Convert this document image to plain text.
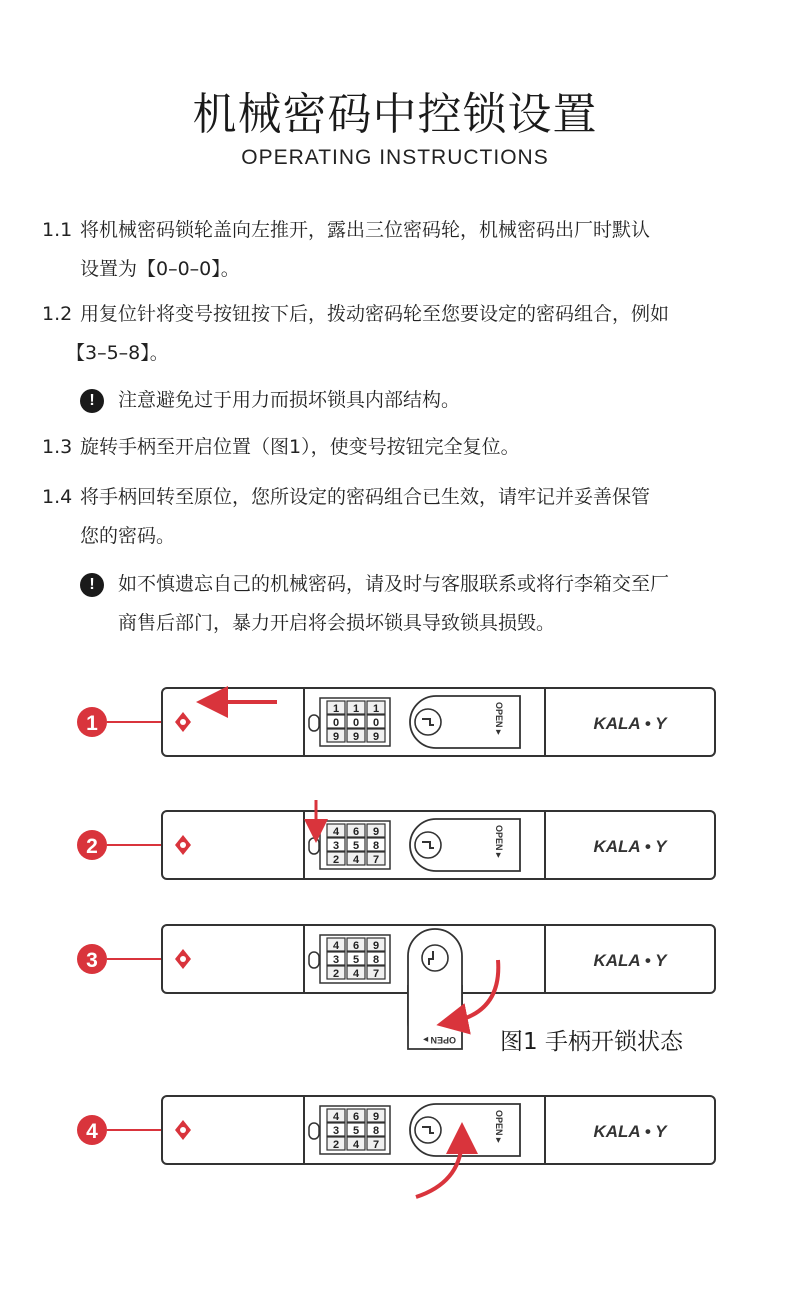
机械密码中控锁设置
OPERATING INSTRUCTIONS
1.1 将机械密码锁轮盖向左推开，露出三位密码轮，机械密码出厂时默认
设置为【0–0–0】。
1.2 用复位针将变号按钮按下后，拨动密码轮至您要设定的密码组合，例如
【3–5–8】。
!	注意避免过于用力而损坏锁具内部结构。
1.3 旋转手柄至开启位置（图1），使变号按钮完全复位。
1.4 将手柄回转至原位，您所设定的密码组合已生效，请牢记并妥善保管
您的密码。
!	如不慎遗忘自己的机械密码，请及时与客服联系或将行李箱交至厂
商售后部门，暴力开启将会损坏锁具导致锁具损毁。
1
1 1 1
0 0 0
9 9 9
OPEN ▸	KALA • Y
2
4 6 9
3 5 8
2 4 7
OPEN ▸	KALA • Y
3
4 6 9
3 5 8
2 4 7
OPEN ▸
KALA • Y
4
4 6 9
3 5 8
2 4 7
OPEN ▸	KALA • Y
图1 手柄开锁状态
